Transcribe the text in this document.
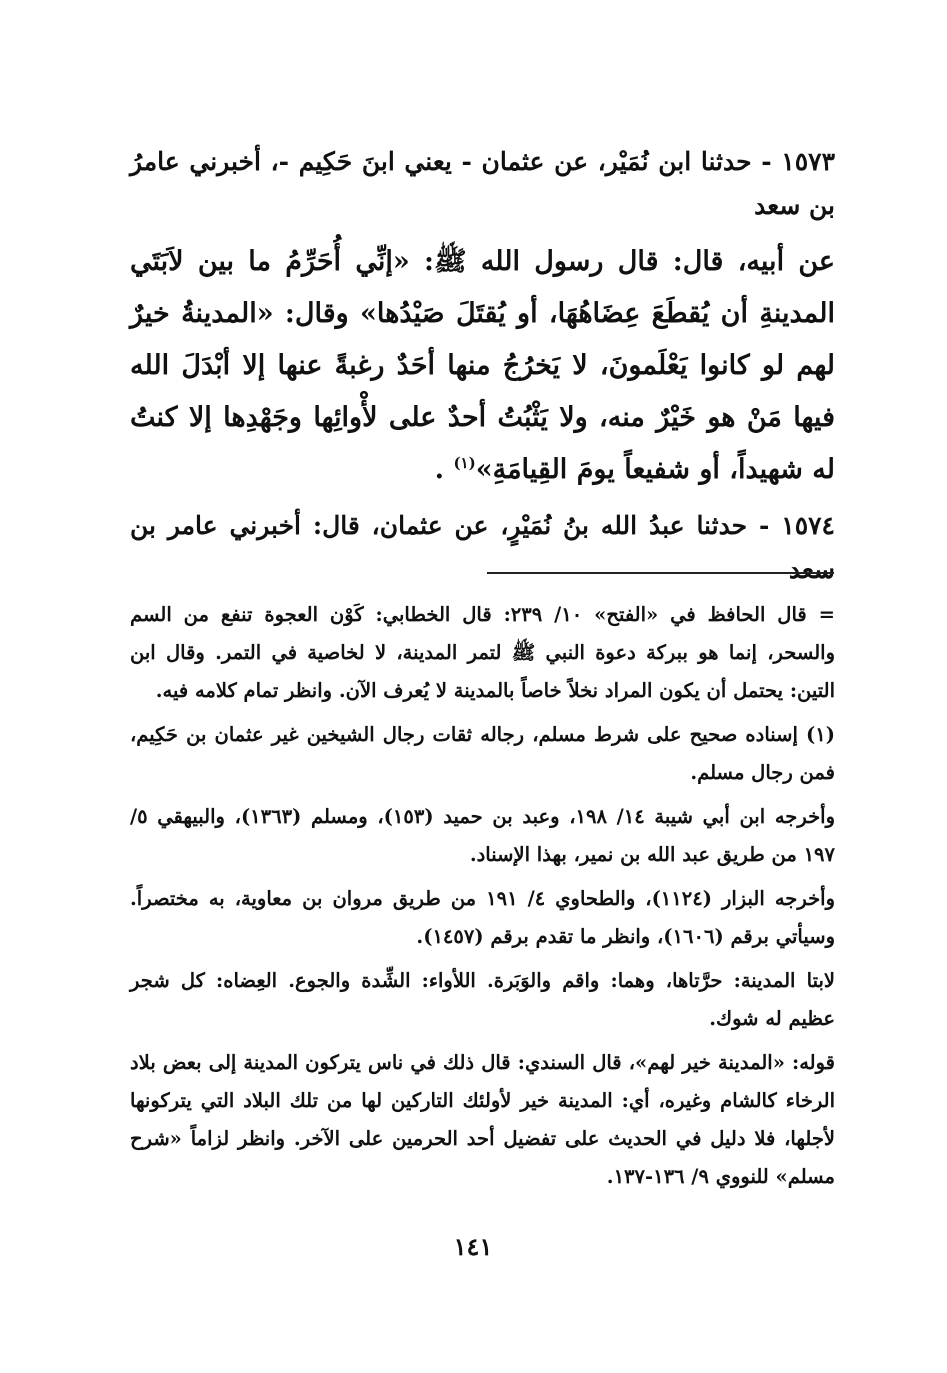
١٥٧٣ - حدثنا ابن نُمَيْر، عن عثمان - يعني ابنَ حَكِيم -، أخبرني عامرُ بن سعد
عن أبيه، قال: قال رسول الله ﷺ: «إنِّي أُحَرِّمُ ما بين لاَبَتَي المدينةِ أن يُقطَعَ عِضَاهُهَا، أو يُقتَلَ صَيْدُها» وقال: «المدينةُ خيرٌ لهم لو كانوا يَعْلَمونَ، لا يَخرُجُ منها أحَدٌ رغبةً عنها إلا أبْدَلَ الله فيها مَنْ هو خَيْرٌ منه، ولا يَثْبُتُ أحدٌ على لأْوائِها وجَهْدِها إلا كنتُ له شهيداً، أو شفيعاً يومَ القِيامَةِ»$^{(١)}$ .
١٥٧٤ - حدثنا عبدُ الله بنُ نُمَيْرٍ، عن عثمان، قال: أخبرني عامر بن سعد

= قال الحافظ في «الفتح» ١٠/ ٢٣٩: قال الخطابي: كَوْن العجوة تنفع من السم والسحر، إنما هو ببركة دعوة النبي ﷺ لتمر المدينة، لا لخاصية في التمر. وقال ابن التين: يحتمل أن يكون المراد نخلاً خاصاً بالمدينة لا يُعرف الآن. وانظر تمام كلامه فيه.

(١) إسناده صحيح على شرط مسلم، رجاله ثقات رجال الشيخين غير عثمان بن حَكِيم، فمن رجال مسلم.

وأخرجه ابن أبي شيبة ١٤/ ١٩٨، وعبد بن حميد (١٥٣)، ومسلم (١٣٦٣)، والبيهقي ٥/ ١٩٧ من طريق عبد الله بن نمير، بهذا الإسناد.

وأخرجه البزار (١١٢٤)، والطحاوي ٤/ ١٩١ من طريق مروان بن معاوية، به مختصراً. وسيأتي برقم (١٦٠٦)، وانظر ما تقدم برقم (١٤٥٧).

لابتا المدينة: حرَّتاها، وهما: واقم والوَبَرة. اللأواء: الشِّدة والجوع. العِضاه: كل شجر عظيم له شوك.

قوله: «المدينة خير لهم»، قال السندي: قال ذلك في ناس يتركون المدينة إلى بعض بلاد الرخاء كالشام وغيره، أي: المدينة خير لأولئك التاركين لها من تلك البلاد التي يتركونها لأجلها، فلا دليل في الحديث على تفضيل أحد الحرمين على الآخر. وانظر لزاماً «شرح مسلم» للنووي ٩/ ١٣٦-١٣٧.

١٤١
